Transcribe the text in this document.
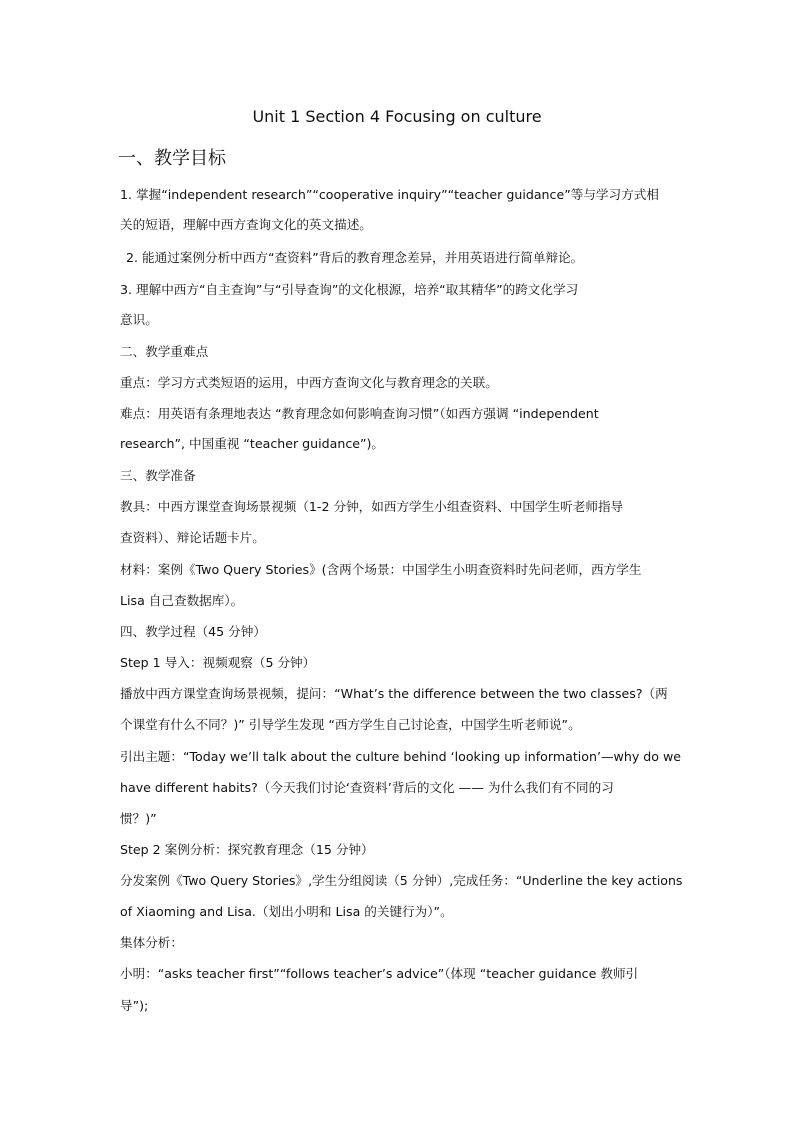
Unit 1 Section 4 Focusing on culture
一、教学目标
1. 掌握“independent research”“cooperative inquiry”“teacher guidance”等与学习方式相
关的短语，理解中西方查询文化的英文描述。
2. 能通过案例分析中西方“查资料”背后的教育理念差异，并用英语进行简单辩论。
3. 理解中西方“自主查询”与“引导查询”的文化根源，培养“取其精华”的跨文化学习
意识。
二、教学重难点
重点：学习方式类短语的运用，中西方查询文化与教育理念的关联。
难点：用英语有条理地表达 “教育理念如何影响查询习惯”（如西方强调 “independent
research”, 中国重视 “teacher guidance”)。
三、教学准备
教具：中西方课堂查询场景视频（1-2 分钟，如西方学生小组查资料、中国学生听老师指导
查资料）、辩论话题卡片。
材料：案例《Two Query Stories》(含两个场景：中国学生小明查资料时先问老师，西方学生
Lisa 自己查数据库）。
四、教学过程（45 分钟）
Step 1 导入：视频观察（5 分钟）
播放中西方课堂查询场景视频，提问：“What’s the difference between the two classes?（两
个课堂有什么不同？)” 引导学生发现 “西方学生自己讨论查，中国学生听老师说”。
引出主题：“Today we’ll talk about the culture behind ‘looking up information’—why do we
have different habits?（今天我们讨论‘查资料’背后的文化 —— 为什么我们有不同的习
惯？)”
Step 2 案例分析：探究教育理念（15 分钟）
分发案例《Two Query Stories》,学生分组阅读（5 分钟）,完成任务：“Underline the key actions
of Xiaoming and Lisa.（划出小明和 Lisa 的关键行为）”。
集体分析：
小明：“asks teacher first”“follows teacher’s advice”（体现 “teacher guidance 教师引
导”);
